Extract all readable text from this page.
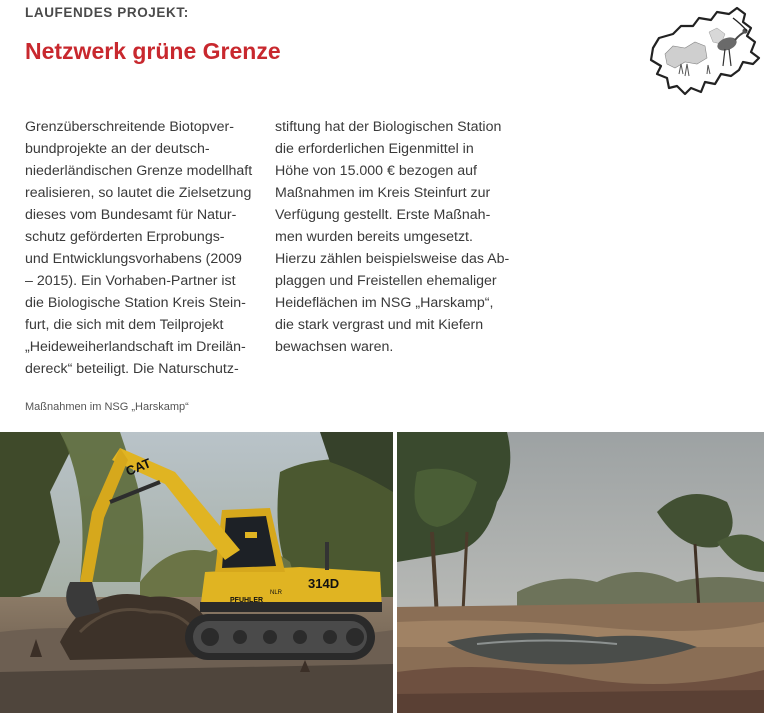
LAUFENDES PROJEKT:

Netzwerk grüne Grenze
Grenzüberschreitende Biotopver-
bundprojekte an der deutsch-
niederländischen Grenze modellhaft
realisieren, so lautet die Zielsetzung
dieses vom Bundesamt für Natur-
schutz geförderten Erprobungs-
und Entwicklungsvorhabens (2009
– 2015). Ein Vorhaben-Partner ist
die Biologische Station Kreis Stein-
furt, die sich mit dem Teilprojekt
„Heideweiherlandschaft im Dreilän-
dereck“ beteiligt. Die Naturschutz-
stiftung hat der Biologischen Station
die erforderlichen Eigenmittel in
Höhe von 15.000 € bezogen auf
Maßnahmen im Kreis Steinfurt zur
Verfügung gestellt. Erste Maßnah-
men wurden bereits umgesetzt.
Hierzu zählen beispielsweise das Ab-
plaggen und Freistellen ehemaliger
Heideflächen im NSG „Harskamp“,
die stark vergrast und mit Kiefern
bewachsen waren.

Maßnahmen im NSG „Harskamp“

CAT
PFUHLER
NLR
314D
